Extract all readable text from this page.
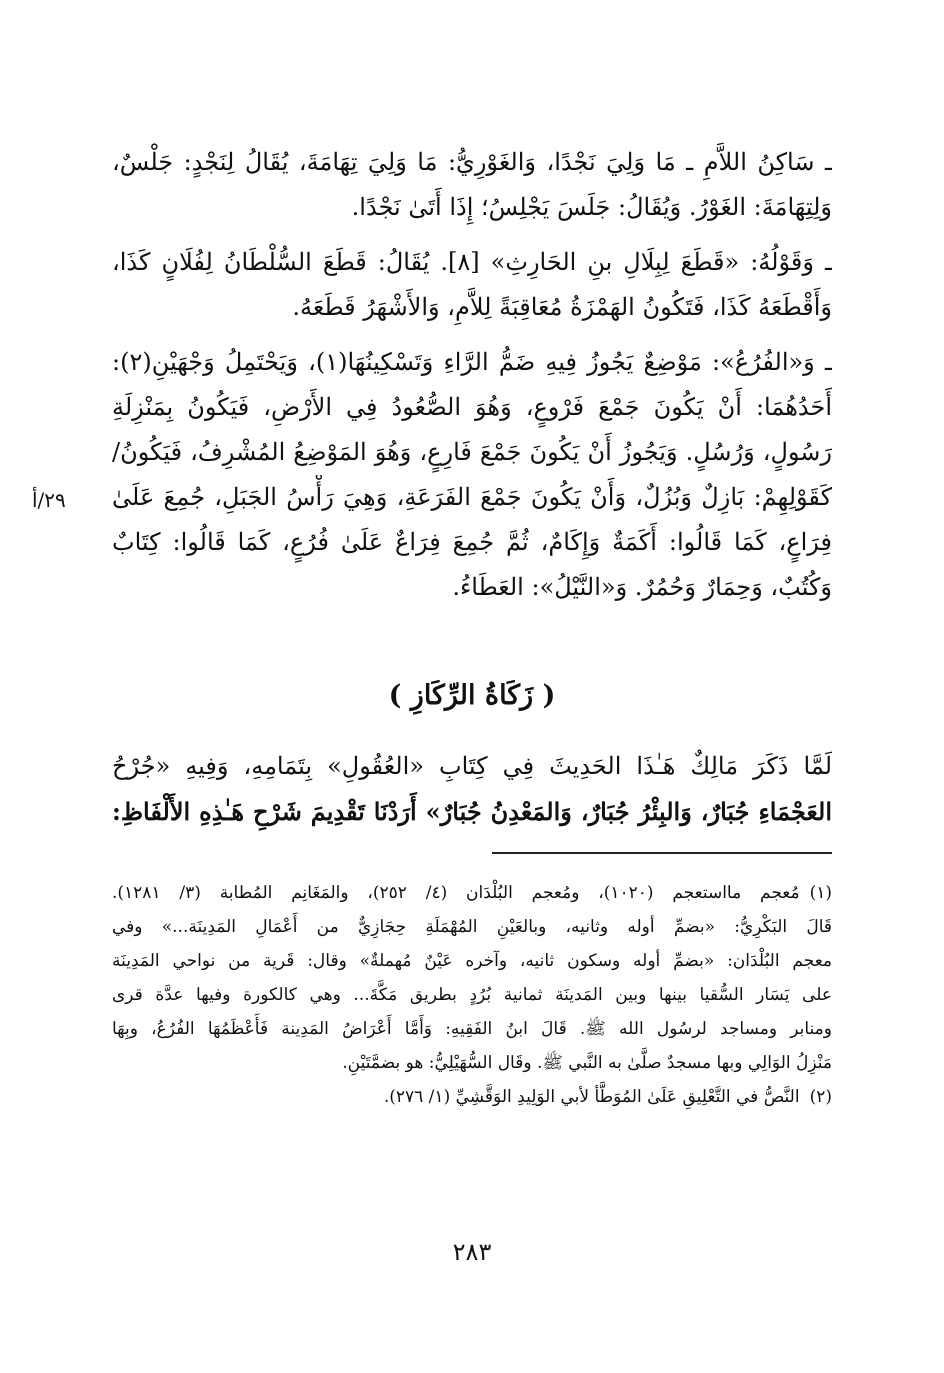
ـ سَاكِنُ اللاَّمِ ـ مَا وَلِيَ نَجْدًا، وَالغَوْرِيُّ: مَا وَلِيَ تِهَامَةَ، يُقَالُ لِنَجْدٍ: جَلْسٌ،
وَلِتِهَامَةَ: الغَوْرُ. وَيُقَالُ: جَلَسَ يَجْلِسُ؛ إِذَا أَتَىٰ نَجْدًا.
ـ وَقَوْلُهُ: «قَطَعَ لِبِلَالِ بنِ الحَارِثِ» [٨]. يُقَالُ: قَطَعَ السُّلْطَانُ لِفُلَانٍ كَذَا،
وَأَقْطَعَهُ كَذَا، فَتَكُونُ الهَمْزَةُ مُعَاقِبَةً لِلاَّمِ، وَالأَشْهَرُ قَطَعَهُ.
ـ وَ«الفُرُعُ»: مَوْضِعٌ يَجُوزُ فِيهِ ضَمُّ الرَّاءِ وَتَسْكِينُهَا(١)، وَيَحْتَمِلُ وَجْهَيْنِ(٢):
أَحَدُهُمَا: أَنْ يَكُونَ جَمْعَ فَرْوعٍ، وَهُوَ الصُّعُودُ فِي الأَرْضِ، فَيَكُونُ بِمَنْزِلَةِ
رَسُولٍ، وَرُسُلٍ. وَيَجُوزُ أَنْ يَكُونَ جَمْعَ فَارِعٍ، وَهُوَ المَوْضِعُ المُشْرِفُ، فَيَكُونُ/
كَقَوْلِهِمْ: بَازِلٌ وَبُزُلٌ، وَأَنْ يَكُونَ جَمْعَ الفَرَعَةِ، وَهِيَ رَأْسُ الجَبَلِ، جُمِعَ عَلَىٰ
فِرَاعٍ، كَمَا قَالُوا: أَكَمَةٌ وَإِكَامٌ، ثُمَّ جُمِعَ فِرَاعٌ عَلَىٰ فُرُعٍ، كَمَا قَالُوا: كِتَابٌ
وَكُتُبٌ، وَحِمَارٌ وَحُمُرٌ. وَ«النَّيْلُ»: العَطَاءُ.
٢٩/أ
( زَكَاةُ الرِّكَازِ )
لَمَّا ذَكَرَ مَالِكٌ هَـٰذَا الحَدِيثَ فِي كِتَابِ «العُقُولِ» بِتَمَامِهِ، وَفِيهِ «جُرْحُ
العَجْمَاءِ جُبَارٌ، وَالبِئْرُ جُبَارٌ، وَالمَعْدِنُ جُبَارٌ» أَرَدْنَا تَقْدِيمَ شَرْحِ هَـٰذِهِ الأَلْفَاظِ:
(١)مُعجم مااستعجم (١٠٢٠)، ومُعجم البُلْدَان (٤/ ٢٥٢)، والمَغَانِم المُطابة (٣/ ١٢٨١).
قَالَ البَكْرِيُّ: «بضمِّ أوله وثانيه، وبالعَيْنِ المُهْمَلَةِ حِجَازِيٌّ من أَعْمَالِ المَدِينَة...» وفي
معجم البُلْدَان: «بضمِّ أوله وسكون ثانيه، وآخره عَيْنٌ مُهملةٌ» وقال: قَرية من نواحي المَدِينَة
على يَسَار السُّقيا بينها وبين المَدينَة ثمانية بُرُدٍ بطريق مَكَّةَ... وهي كالكورة وفيها عدَّة قرى
ومنابر ومساجد لرسُول الله ﷺ. قَالَ ابنُ الفَقِيهِ: وَأَمَّا أَعْرَاضُ المَدِينة فَأَعْظَمُهَا الفُرُعُ، وبِهَا
مَنْزِلُ الوَالِي وبها مسجدٌ صلَّىٰ به النَّبي ﷺ. وقَال السُّهَيْلِيُّ: هو بضمَّتَيْنِ.
(٢)النَّصُّ في التَّعْلِيقِ عَلَىٰ المُوَطَّأ لأبي الوَلِيدِ الوَقَّشِيِّ (١/ ٢٧٦).
٢٨٣
